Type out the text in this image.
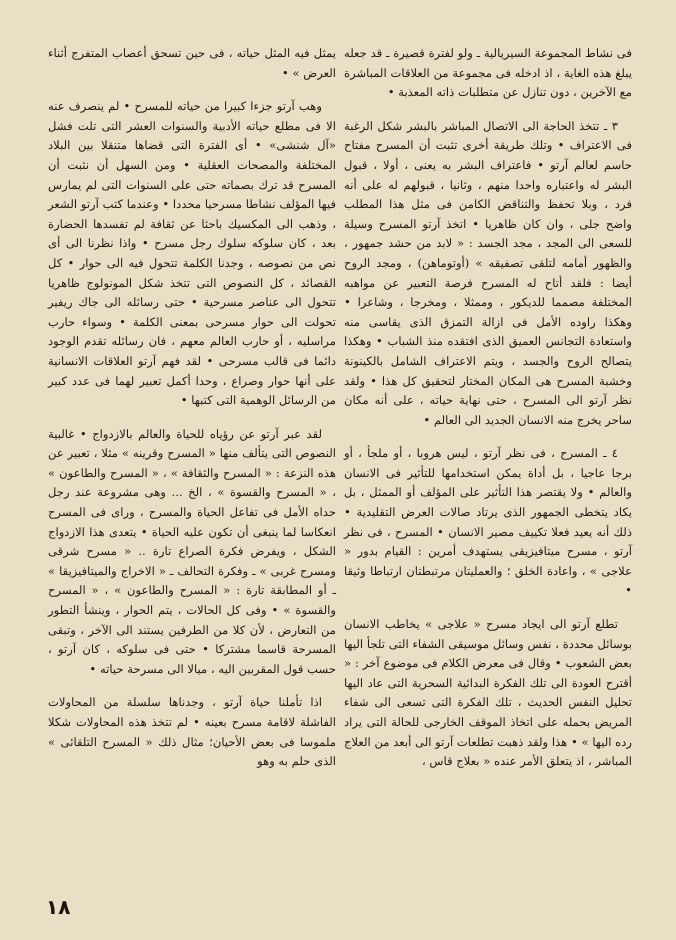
فى نشاط المجموعة السيريالية ـ ولو لفترة قصيرة ـ قد جعله يبلغ هذه الغاية ، اذ ادخله فى مجموعة من العلاقات المباشرة مع الآخرين ، دون تنازل عن متطلبات ذاته المعذبة •

٣ ـ تتخذ الحاجة الى الاتصال المباشر بالبشر شكل الرغبة فى الاعتراف • وتلك طريقة أخرى تثبت أن المسرح مفتاح حاسم لعالم آرتو • فاعتراف البشر به يعنى ، أولا ، قبول البشر له واعتباره واحدا منهم ، وثانيا ، قبولهم له على أنه فرد ، وبلا تحفظ والتناقض الكامن فى مثل هذا المطلب واضح جلى ، وان كان ظاهريا • اتخذ آرتو المسرح وسيلة للسعى الى المجد ، مجد الجسد : « لابد من حشد جمهور ، والظهور أمامه لتلقى تصفيقه » (أوتوماهن) ، ومجد الروح أيضا : فلقد أتاح له المسرح فرصة التعبير عن مواهبه المختلفة مصمما للديكور ، وممثلا ، ومخرجا ، وشاعرا • وهكذا راوده الأمل فى ازالة التمزق الذى يقاسى منه واستعادة التجانس العميق الذى افتقده منذ الشباب • وهكذا يتصالح الروح والجسد ، ويتم الاعتراف الشامل بالكينونة وخشبة المسرح هى المكان المختار لتحقيق كل هذا • ولقد نظر آرتو الى المسرح ، حتى نهاية حياته ، على أنه مكان ساحر يخرج منه الانسان الجديد الى العالم •

٤ ـ المسرح ، فى نظر آرتو ، ليس هروبا ، أو ملجأ ، أو برجا عاجيا ، بل أداة يمكن استخدامها للتأثير فى الانسان والعالم • ولا يقتصر هذا التأثير على المؤلف أو الممثل ، بل يكاد يتخطى الجمهور الذى يرتاد صالات العرض التقليدية • ذلك أنه يعيد فعلا تكييف مصير الانسان • المسرح ، فى نظر آرتو ، مسرح ميتافيزيقى يستهدف أمرين : القيام بدور « علاجى » ، واعادة الخلق ؛ والعمليتان مرتبطتان ارتباطا وثيقا •

تطلع آرتو الى ايجاد مسرح « علاجى » يخاطب الانسان بوسائل محددة ، نفس وسائل موسيقى الشفاء التى تلجأ اليها بعض الشعوب • وقال فى معرض الكلام فى موضوع آخر : « أقترح العودة الى تلك الفكرة البدائية السحرية التى عاد اليها تحليل النفس الحديث ، تلك الفكرة التى تسعى الى شفاء المريض بحمله على اتخاذ الموقف الخارجى للحالة التى يراد رده اليها » • هذا ولقد ذهبت تطلعات آرتو الى أبعد من العلاج المباشر ، اذ يتعلق الأمر عنده « بعلاج قاس ،

يمثل فيه المثل حياته ، فى حين تسحق أعصاب المتفرج أثناء العرض » •

وهب آرتو جزءا كبيرا من حياته للمسرح • لم ينصرف عنه الا فى مطلع حياته الأدبية والسنوات العشر التى تلت فشل «آل شنشى» • أى الفترة التى قضاها متنقلا بين البلاد المختلفة والمصحات العقلية • ومن السهل أن نثبت أن المسرح قد ترك بصماته حتى على السنوات التى لم يمارس فيها المؤلف نشاطا مسرحيا محددا • وعندما كتب آرتو الشعر ، وذهب الى المكسيك باحثا عن ثقافة لم تفسدها الحضارة بعد ، كان سلوكه سلوك رجل مسرح • واذا نظرنا الى أى نص من نصوصه ، وجدنا الكلمة تتحول فيه الى حوار • كل القصائد ، كل النصوص التى تتخذ شكل المونولوج ظاهريا تتحول الى عناصر مسرحية • حتى رسائله الى جاك ريفير تحولت الى حوار مسرحى بمعنى الكلمة • وسواء حارب مراسليه ، أو حارب العالم معهم ، فان رسائله تقدم الوجود دائما فى قالب مسرحى • لقد فهم آرتو العلاقات الانسانية على أنها حوار وصراع ، وحدا أكمل تعبير لهما فى عدد كبير من الرسائل الوهمية التى كتبها •

لقد عبر آرتو عن رؤياه للحياة والعالم بالازدواج • غالبية النصوص التى يتألف منها « المسرح وقرينه » مثلا ، تعبير عن هذه النزعة : « المسرح والثقافة » ، « المسرح والطاعون » ، « المسرح والقسوة » ، الخ ... وهى مشروعة عند رجل حداه الأمل فى تفاعل الحياة والمسرح ، وراى فى المسرح انعكاسا لما ينبغى أن تكون عليه الحياة • يتعدى هذا الازدواج الشكل ، ويفرض فكرة الصراع تارة .. « مسرح شرقى ومسرح غربى » ـ وفكرة التحالف ـ « الاخراج والميتافيزيقا » ـ أو المطابقة تارة : « المسرح والطاعون » ، « المسرح والقسوة » • وفى كل الحالات ، يتم الحوار ، وينشأ التطور من التعارض ، لأن كلا من الطرفين يستند الى الآخر ، وتبقى المسرحة قاسما مشتركا • حتى فى سلوكه ، كان آرتو ، حسب قول المقربين اليه ، ميالا الى مسرحة حياته •

اذا تأملنا حياة آرتو ، وجدناها سلسلة من المحاولات الفاشلة لاقامة مسرح بعينه • لم تتخذ هذه المحاولات شكلا ملموسا فى بعض الأحيان؛ مثال ذلك « المسرح التلقائى » الذى حلم به وهو

١٨
